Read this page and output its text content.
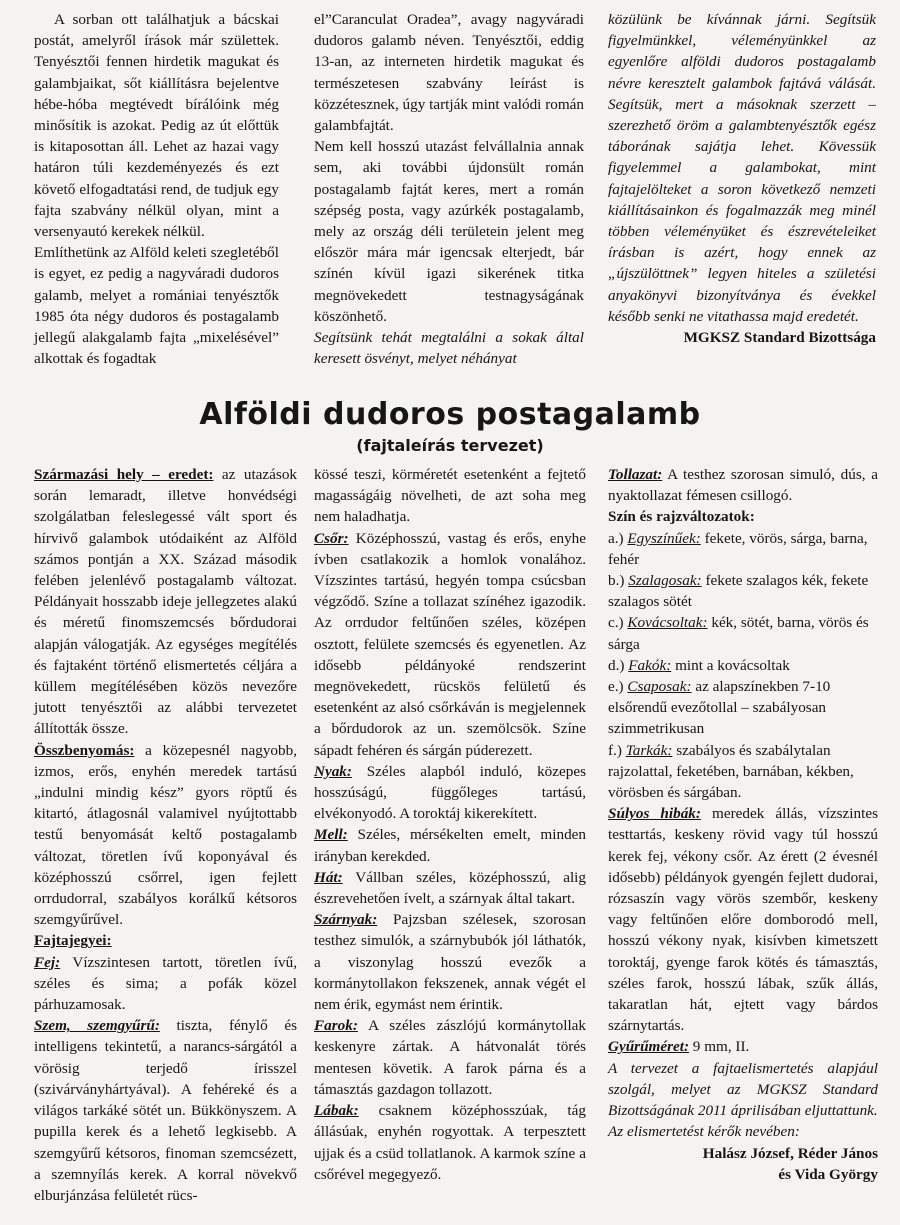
A sorban ott találhatjuk a bácskai postát, amelyről írások már születtek. Tenyésztői fennen hirdetik magukat és galambjaikat, sőt kiállításra bejelentve hébe-hóba megtévedt bírálóink még minősítik is azokat. Pedig az út előttük is kitaposottan áll. Lehet az hazai vagy határon túli kezdeményezés és ezt követő elfogadtatási rend, de tudjuk egy fajta szabvány nélkül olyan, mint a versenyautó kerekek nélkül.

Említhetünk az Alföld keleti szegletéből is egyet, ez pedig a nagyváradi dudoros galamb, melyet a romániai tenyésztők 1985 óta négy dudoros és postagalamb jellegű alakgalamb fajta „mixelésével” alkottak és fogadtak

el”Caranculat Oradea”, avagy nagyváradi dudoros galamb néven. Tenyésztői, eddig 13-an, az interneten hirdetik magukat és természetesen szabvány leírást is közzétesznek, úgy tartják mint valódi román galambfajtát.

Nem kell hosszú utazást felvállalnia annak sem, aki további újdonsült román postagalamb fajtát keres, mert a román szépség posta, vagy azúrkék postagalamb, mely az ország déli területein jelent meg először mára már igencsak elterjedt, bár színén kívül igazi sikerének titka megnövekedett testnagyságának köszönhető.

Segítsünk tehát megtalálni a sokak által keresett ösvényt, melyet néhányat

közülünk be kívánnak járni. Segítsük figyelmünkkel, véleményünkkel az egyenlőre alföldi dudoros postagalamb névre keresztelt galambok fajtává válását. Segítsük, mert a másoknak szerzett – szerezhető öröm a galambtenyésztők egész táborának sajátja lehet. Kövessük figyelemmel a galambokat, mint fajtajelölteket a soron következő nemzeti kiállításainkon és fogalmazzák meg minél többen véleményüket és észrevételeiket írásban is azért, hogy ennek az „újszülöttnek” legyen hiteles a születési anyakönyvi bizonyítványa és évekkel később senki ne vitathassa majd eredetét.

MGKSZ Standard Bizottsága

Alföldi dudoros postagalamb
(fajtaleírás tervezet)

Származási hely – eredet: az utazások során lemaradt, illetve honvédségi szolgálatban feleslegessé vált sport és hírvivő galambok utódaiként az Alföld számos pontján a XX. Század második felében jelenlévő postagalamb változat. Példányait hosszabb ideje jellegzetes alakú és méretű finomszemcsés bőrdudorai alapján válogatják. Az egységes megítélés és fajtaként történő elismertetés céljára a küllem megítélésében közös nevezőre jutott tenyésztői az alábbi tervezetet állították össze.

Összbenyomás: a közepesnél nagyobb, izmos, erős, enyhén meredek tartású „indulni mindig kész” gyors röptű és kitartó, átlagosnál valamivel nyújtottabb testű benyomását keltő postagalamb változat, töretlen ívű koponyával és középhosszú csőrrel, igen fejlett orrdudorral, szabályos korálkű kétsoros szemgyűrűvel.

Fajtajegyei:

Fej: Vízszintesen tartott, töretlen ívű, széles és sima; a pofák közel párhuzamosak.

Szem, szemgyűrű: tiszta, fénylő és intelligens tekintetű, a narancs-sárgától a vörösig terjedő írisszel (szivárványhártyával). A fehéreké és a világos tarkáké sötét un. Bükkönyszem. A pupilla kerek és a lehető legkisebb. A szemgyűrű kétsoros, finoman szemcsézett, a szemnyílás kerek. A korral növekvő elburjánzása felületét rücs-

kössé teszi, körméretét esetenként a fejtető magasságáig növelheti, de azt soha meg nem haladhatja.

Csőr: Középhosszú, vastag és erős, enyhe ívben csatlakozik a homlok vonalához. Vízszintes tartású, hegyén tompa csúcsban végződő. Színe a tollazat színéhez igazodik. Az orrdudor feltűnően széles, középen osztott, felülete szemcsés és egyenetlen. Az idősebb példányoké rendszerint megnövekedett, rücskös felületű és esetenként az alsó csőrkáván is megjelennek a bőrdudorok az un. szemölcsök. Színe sápadt fehéren és sárgán púderezett.

Nyak: Széles alapból induló, közepes hosszúságú, függőleges tartású, elvékonyodó. A toroktáj kikerekített.

Mell: Széles, mérsékelten emelt, minden irányban kerekded.

Hát: Vállban széles, középhosszú, alig észrevehetően ívelt, a szárnyak által takart.

Szárnyak: Pajzsban szélesek, szorosan testhez simulók, a szárnybubók jól láthatók, a viszonylag hosszú evezők a kormánytollakon fekszenek, annak végét el nem érik, egymást nem érintik.

Farok: A széles zászlójú kormánytollak keskenyre zártak. A hátvonalát törés mentesen követik. A farok párna és a támasztás gazdagon tollazott.

Lábak: csaknem középhosszúak, tág állásúak, enyhén rogyottak. A terpesztett ujjak és a csüd tollatlanok. A karmok színe a csőrével megegyező.

Tollazat: A testhez szorosan simuló, dús, a nyaktollazat fémesen csillogó.

Szín és rajzváltozatok:

a.) Egyszínűek: fekete, vörös, sárga, barna, fehér

b.) Szalagosak: fekete szalagos kék, fekete szalagos sötét

c.) Kovácsoltak: kék, sötét, barna, vörös és sárga

d.) Fakók: mint a kovácsoltak

e.) Csaposak: az alapszínekben 7-10 elsőrendű evezőtollal – szabályosan szimmetrikusan

f.) Tarkák: szabályos és szabálytalan rajzolattal, feketében, barnában, kékben, vörösben és sárgában.

Súlyos hibák: meredek állás, vízszintes testtartás, keskeny rövid vagy túl hosszú kerek fej, vékony csőr. Az érett (2 évesnél idősebb) példányok gyengén fejlett dudorai, rózsaszín vagy vörös szembőr, keskeny vagy feltűnően előre domborodó mell, hosszú vékony nyak, kisívben kimetszett toroktáj, gyenge farok kötés és támasztás, széles farok, hosszú lábak, szűk állás, takaratlan hát, ejtett vagy bárdos szárnytartás.

Gyűrűméret: 9 mm, II.

A tervezet a fajtaelismertetés alapjául szolgál, melyet az MGKSZ Standard Bizottságának 2011 áprilisában eljuttattunk.

Az elismertetést kérők nevében:

Halász József, Réder János

és Vida György
